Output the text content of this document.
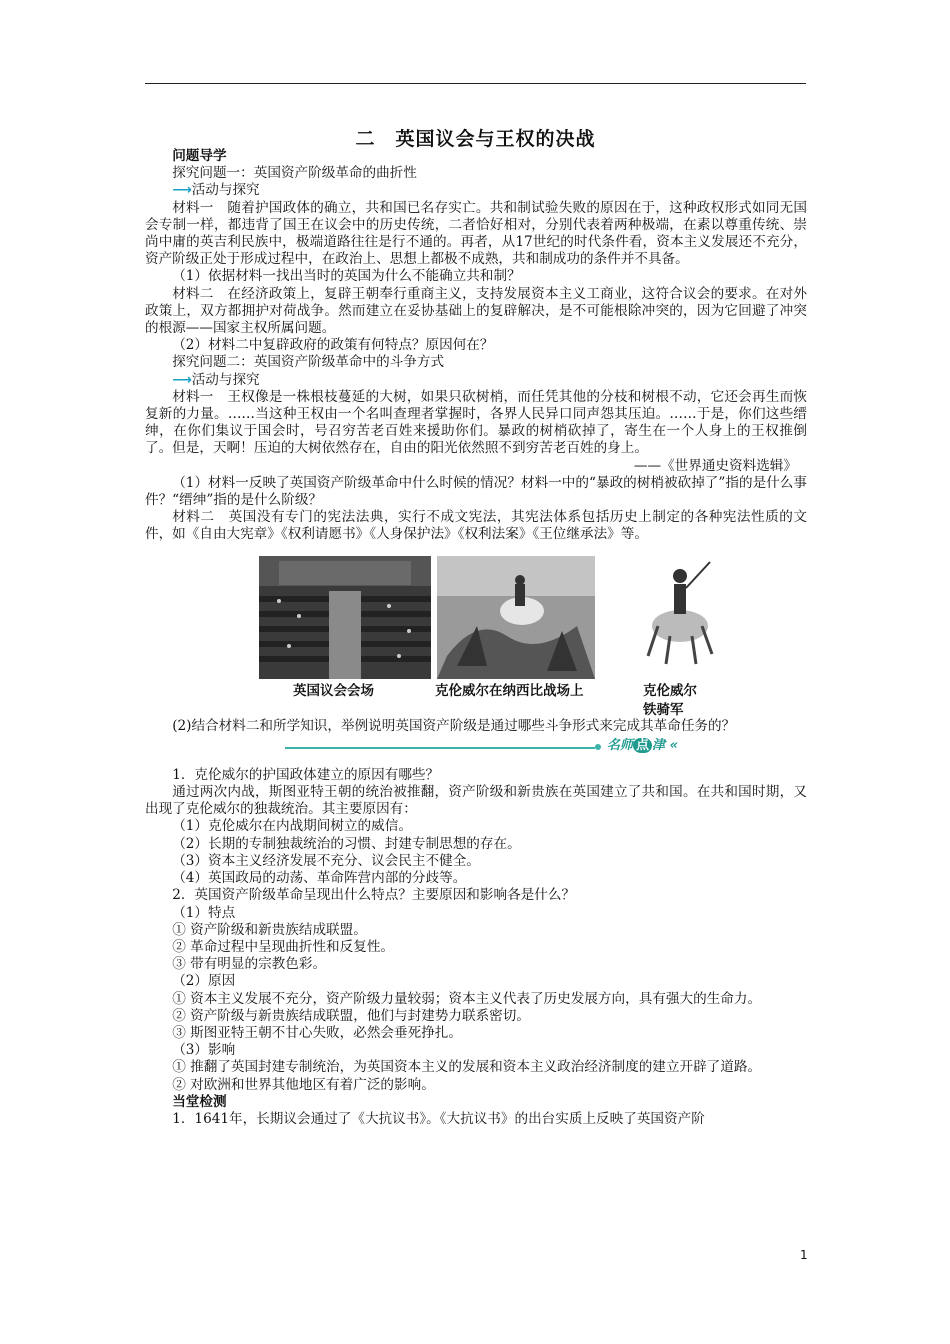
二　英国议会与王权的决战

问题导学

探究问题一：英国资产阶级革命的曲折性

⟶活动与探究

材料一　随着护国政体的确立，共和国已名存实亡。共和制试验失败的原因在于，这种政权形式如同无国会专制一样，都违背了国王在议会中的历史传统，二者恰好相对，分别代表着两种极端，在素以尊重传统、崇尚中庸的英吉利民族中，极端道路往往是行不通的。再者，从17世纪的时代条件看，资本主义发展还不充分，资产阶级正处于形成过程中，在政治上、思想上都极不成熟，共和制成功的条件并不具备。

（1）依据材料一找出当时的英国为什么不能确立共和制？

材料二　在经济政策上，复辟王朝奉行重商主义，支持发展资本主义工商业，这符合议会的要求。在对外政策上，双方都拥护对荷战争。然而建立在妥协基础上的复辟解决，是不可能根除冲突的，因为它回避了冲突的根源——国家主权所属问题。

（2）材料二中复辟政府的政策有何特点？原因何在？

探究问题二：英国资产阶级革命中的斗争方式

⟶活动与探究

材料一　王权像是一株根枝蔓延的大树，如果只砍树梢，而任凭其他的分枝和树根不动，它还会再生而恢复新的力量。……当这种王权由一个名叫查理者掌握时，各界人民异口同声怨其压迫。……于是，你们这些缙绅，在你们集议于国会时，号召穷苦老百姓来援助你们。暴政的树梢砍掉了，寄生在一个人身上的王权推倒了。但是，天啊！压迫的大树依然存在，自由的阳光依然照不到穷苦老百姓的身上。

——《世界通史资料选辑》

（1）材料一反映了英国资产阶级革命中什么时候的情况？材料一中的“暴政的树梢被砍掉了”指的是什么事件？“缙绅”指的是什么阶级？

材料二　英国没有专门的宪法法典，实行不成文宪法，其宪法体系包括历史上制定的各种宪法性质的文件，如《自由大宪章》《权利请愿书》《人身保护法》《权利法案》《王位继承法》等。

英国议会会场	克伦威尔在纳西比战场上	克伦威尔
铁骑军

(2)结合材料二和所学知识，举例说明英国资产阶级是通过哪些斗争形式来完成其革命任务的？

名师 点 津 «

1．克伦威尔的护国政体建立的原因有哪些？

通过两次内战，斯图亚特王朝的统治被推翻，资产阶级和新贵族在英国建立了共和国。在共和国时期，又出现了克伦威尔的独裁统治。其主要原因有：

（1）克伦威尔在内战期间树立的威信。

（2）长期的专制独裁统治的习惯、封建专制思想的存在。

（3）资本主义经济发展不充分、议会民主不健全。

（4）英国政局的动荡、革命阵营内部的分歧等。

2．英国资产阶级革命呈现出什么特点？主要原因和影响各是什么？

（1）特点

① 资产阶级和新贵族结成联盟。

② 革命过程中呈现曲折性和反复性。

③ 带有明显的宗教色彩。

（2）原因

① 资本主义发展不充分，资产阶级力量较弱；资本主义代表了历史发展方向，具有强大的生命力。

② 资产阶级与新贵族结成联盟，他们与封建势力联系密切。

③ 斯图亚特王朝不甘心失败，必然会垂死挣扎。

（3）影响

① 推翻了英国封建专制统治，为英国资本主义的发展和资本主义政治经济制度的建立开辟了道路。

② 对欧洲和世界其他地区有着广泛的影响。

当堂检测

1．1641年，长期议会通过了《大抗议书》。《大抗议书》的出台实质上反映了英国资产阶

1
